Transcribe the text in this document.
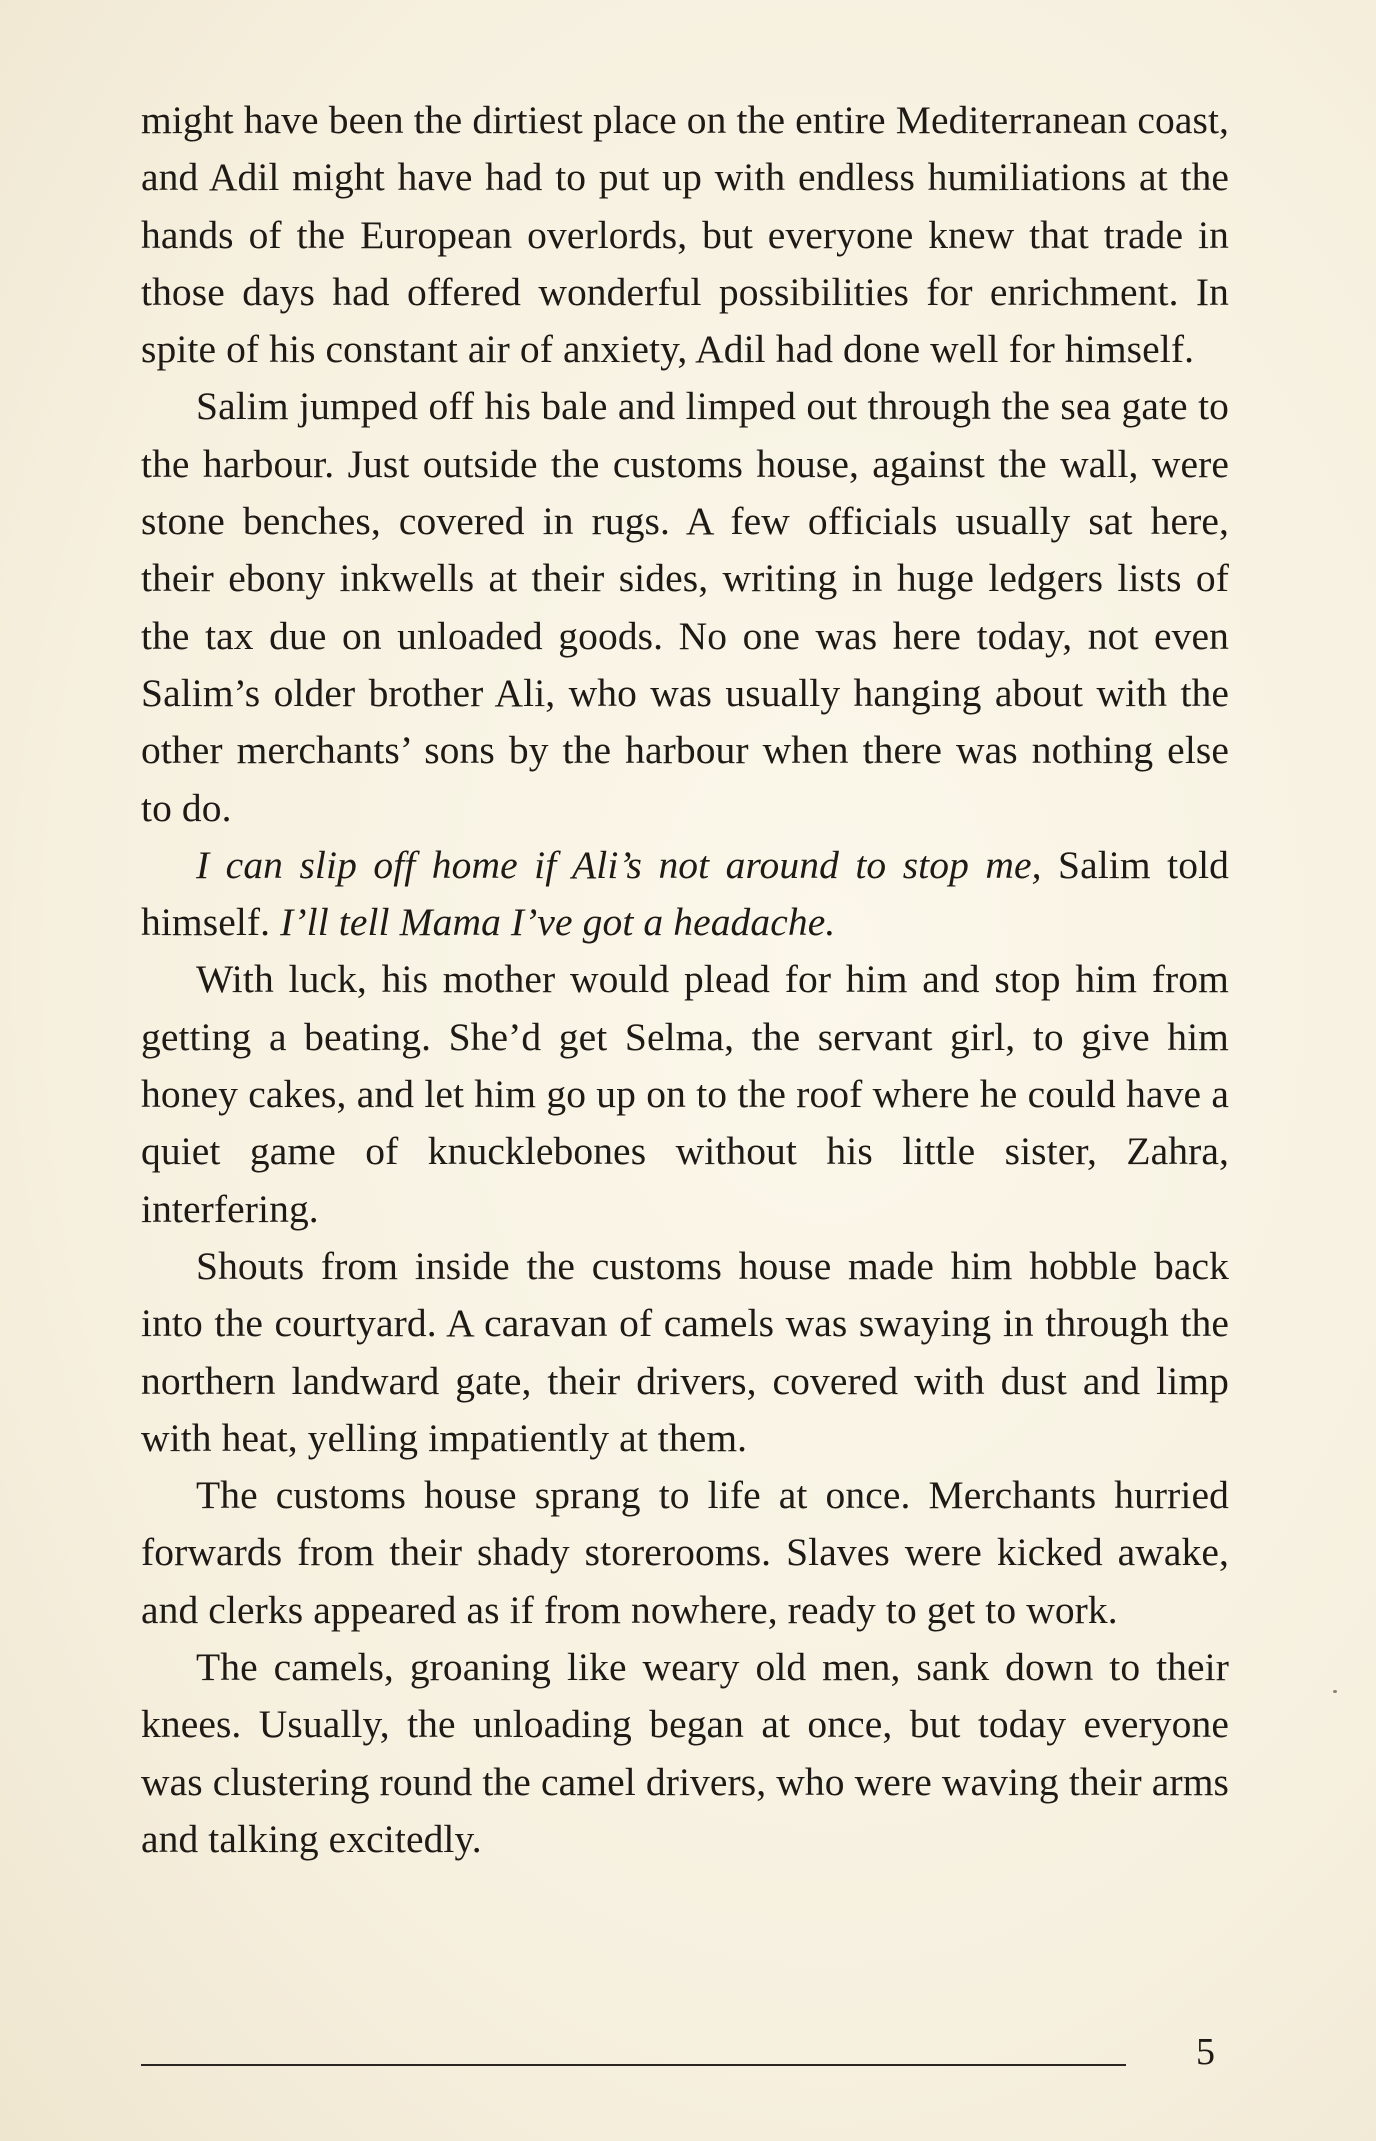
might have been the dirtiest place on the entire Mediterranean coast, and Adil might have had to put up with endless humiliations at the hands of the European overlords, but everyone knew that trade in those days had offered wonderful possibilities for enrichment. In spite of his constant air of anxiety, Adil had done well for himself.

Salim jumped off his bale and limped out through the sea gate to the harbour. Just outside the customs house, against the wall, were stone benches, covered in rugs. A few officials usually sat here, their ebony inkwells at their sides, writing in huge ledgers lists of the tax due on unloaded goods. No one was here today, not even Salim’s older brother Ali, who was usually hanging about with the other merchants’ sons by the harbour when there was nothing else to do.

I can slip off home if Ali’s not around to stop me, Salim told himself. I’ll tell Mama I’ve got a headache.

With luck, his mother would plead for him and stop him from getting a beating. She’d get Selma, the servant girl, to give him honey cakes, and let him go up on to the roof where he could have a quiet game of knucklebones without his little sister, Zahra, interfering.

Shouts from inside the customs house made him hobble back into the courtyard. A caravan of camels was swaying in through the northern landward gate, their drivers, covered with dust and limp with heat, yelling impatiently at them.

The customs house sprang to life at once. Merchants hurried forwards from their shady storerooms. Slaves were kicked awake, and clerks appeared as if from nowhere, ready to get to work.

The camels, groaning like weary old men, sank down to their knees. Usually, the unloading began at once, but today everyone was clustering round the camel drivers, who were waving their arms and talking excitedly.

5
